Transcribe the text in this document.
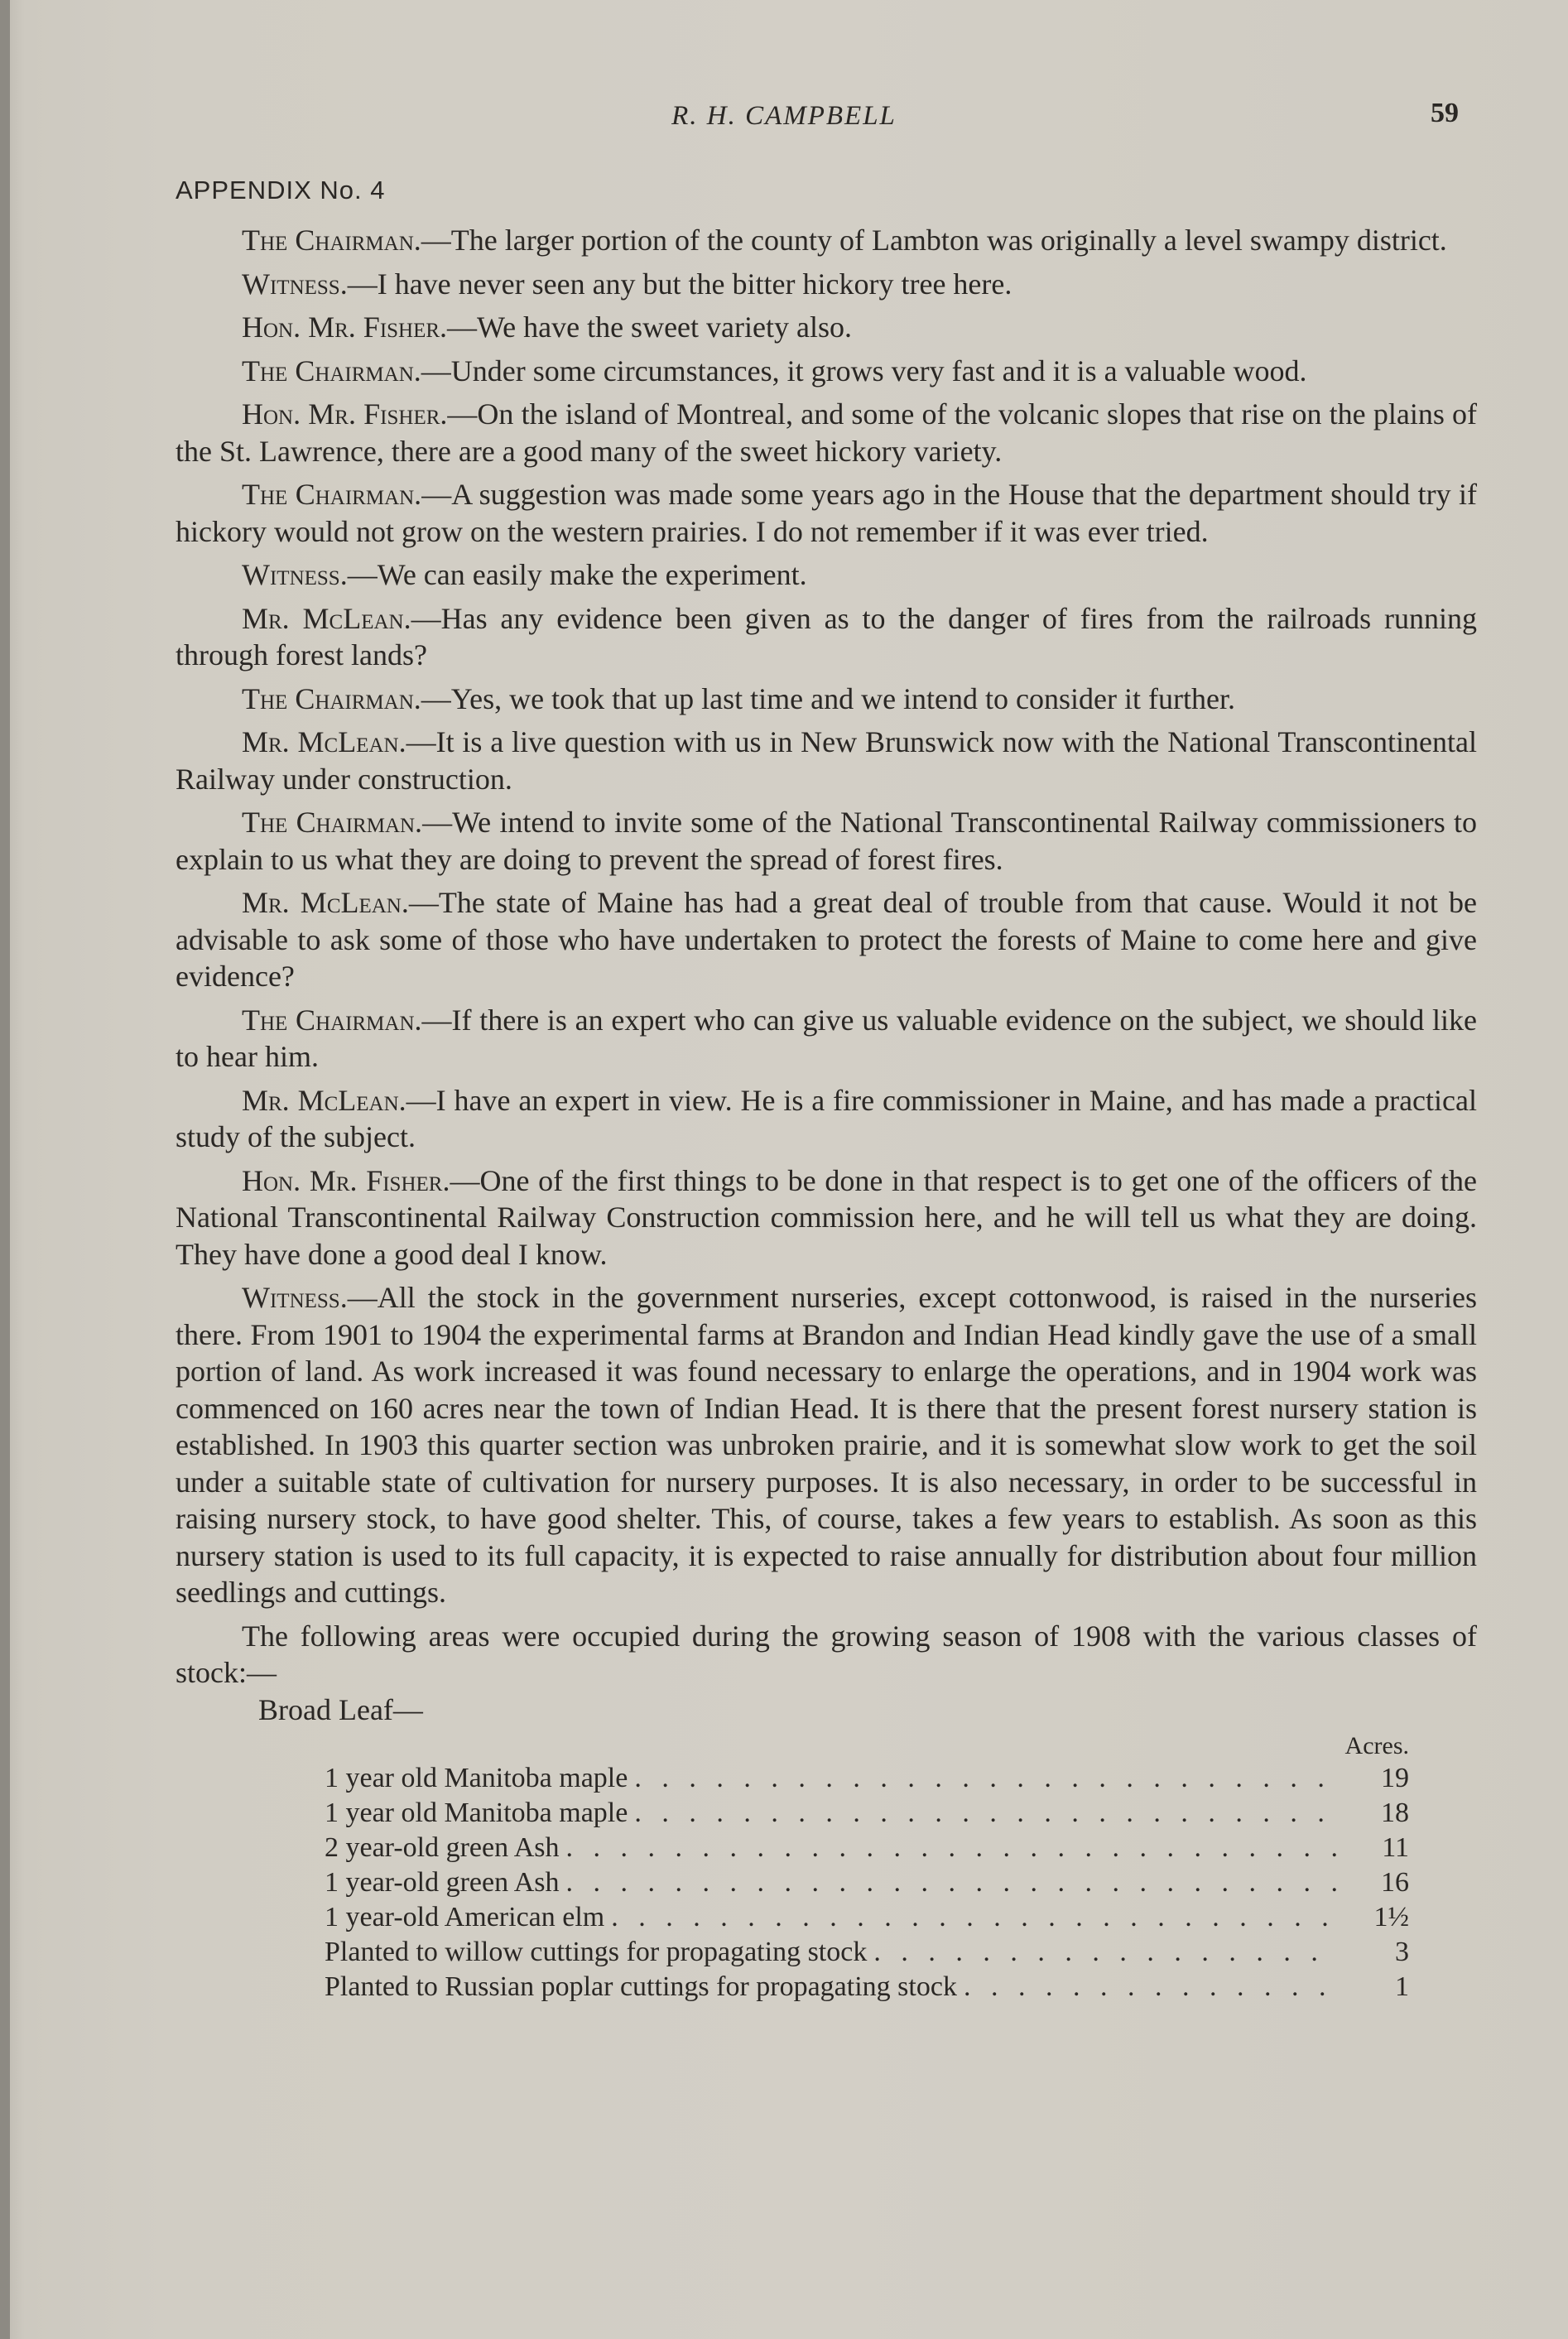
R. H. CAMPBELL	59
APPENDIX No. 4

The Chairman.—The larger portion of the county of Lambton was originally a level swampy district.

Witness.—I have never seen any but the bitter hickory tree here.

Hon. Mr. Fisher.—We have the sweet variety also.

The Chairman.—Under some circumstances, it grows very fast and it is a valuable wood.

Hon. Mr. Fisher.—On the island of Montreal, and some of the volcanic slopes that rise on the plains of the St. Lawrence, there are a good many of the sweet hickory variety.

The Chairman.—A suggestion was made some years ago in the House that the department should try if hickory would not grow on the western prairies. I do not remember if it was ever tried.

Witness.—We can easily make the experiment.

Mr. McLean.—Has any evidence been given as to the danger of fires from the railroads running through forest lands?

The Chairman.—Yes, we took that up last time and we intend to consider it further.

Mr. McLean.—It is a live question with us in New Brunswick now with the National Transcontinental Railway under construction.

The Chairman.—We intend to invite some of the National Transcontinental Railway commissioners to explain to us what they are doing to prevent the spread of forest fires.

Mr. McLean.—The state of Maine has had a great deal of trouble from that cause. Would it not be advisable to ask some of those who have undertaken to protect the forests of Maine to come here and give evidence?

The Chairman.—If there is an expert who can give us valuable evidence on the subject, we should like to hear him.

Mr. McLean.—I have an expert in view. He is a fire commissioner in Maine, and has made a practical study of the subject.

Hon. Mr. Fisher.—One of the first things to be done in that respect is to get one of the officers of the National Transcontinental Railway Construction commission here, and he will tell us what they are doing. They have done a good deal I know.

Witness.—All the stock in the government nurseries, except cottonwood, is raised in the nurseries there. From 1901 to 1904 the experimental farms at Brandon and Indian Head kindly gave the use of a small portion of land. As work increased it was found necessary to enlarge the operations, and in 1904 work was commenced on 160 acres near the town of Indian Head. It is there that the present forest nursery station is established. In 1903 this quarter section was unbroken prairie, and it is somewhat slow work to get the soil under a suitable state of cultivation for nursery purposes. It is also necessary, in order to be successful in raising nursery stock, to have good shelter. This, of course, takes a few years to establish. As soon as this nursery station is used to its full capacity, it is expected to raise annually for distribution about four million seedlings and cuttings.

The following areas were occupied during the growing season of 1908 with the various classes of stock:—

Broad Leaf—

Acres.
1 year old Manitoba maple . . .	19
1 year old Manitoba maple . . .	18
2 year-old green Ash . . .	11
1 year-old green Ash . . .	16
1 year-old American elm . . .	1½
Planted to willow cuttings for propagating stock . . .	3
Planted to Russian poplar cuttings for propagating stock . . .	1
